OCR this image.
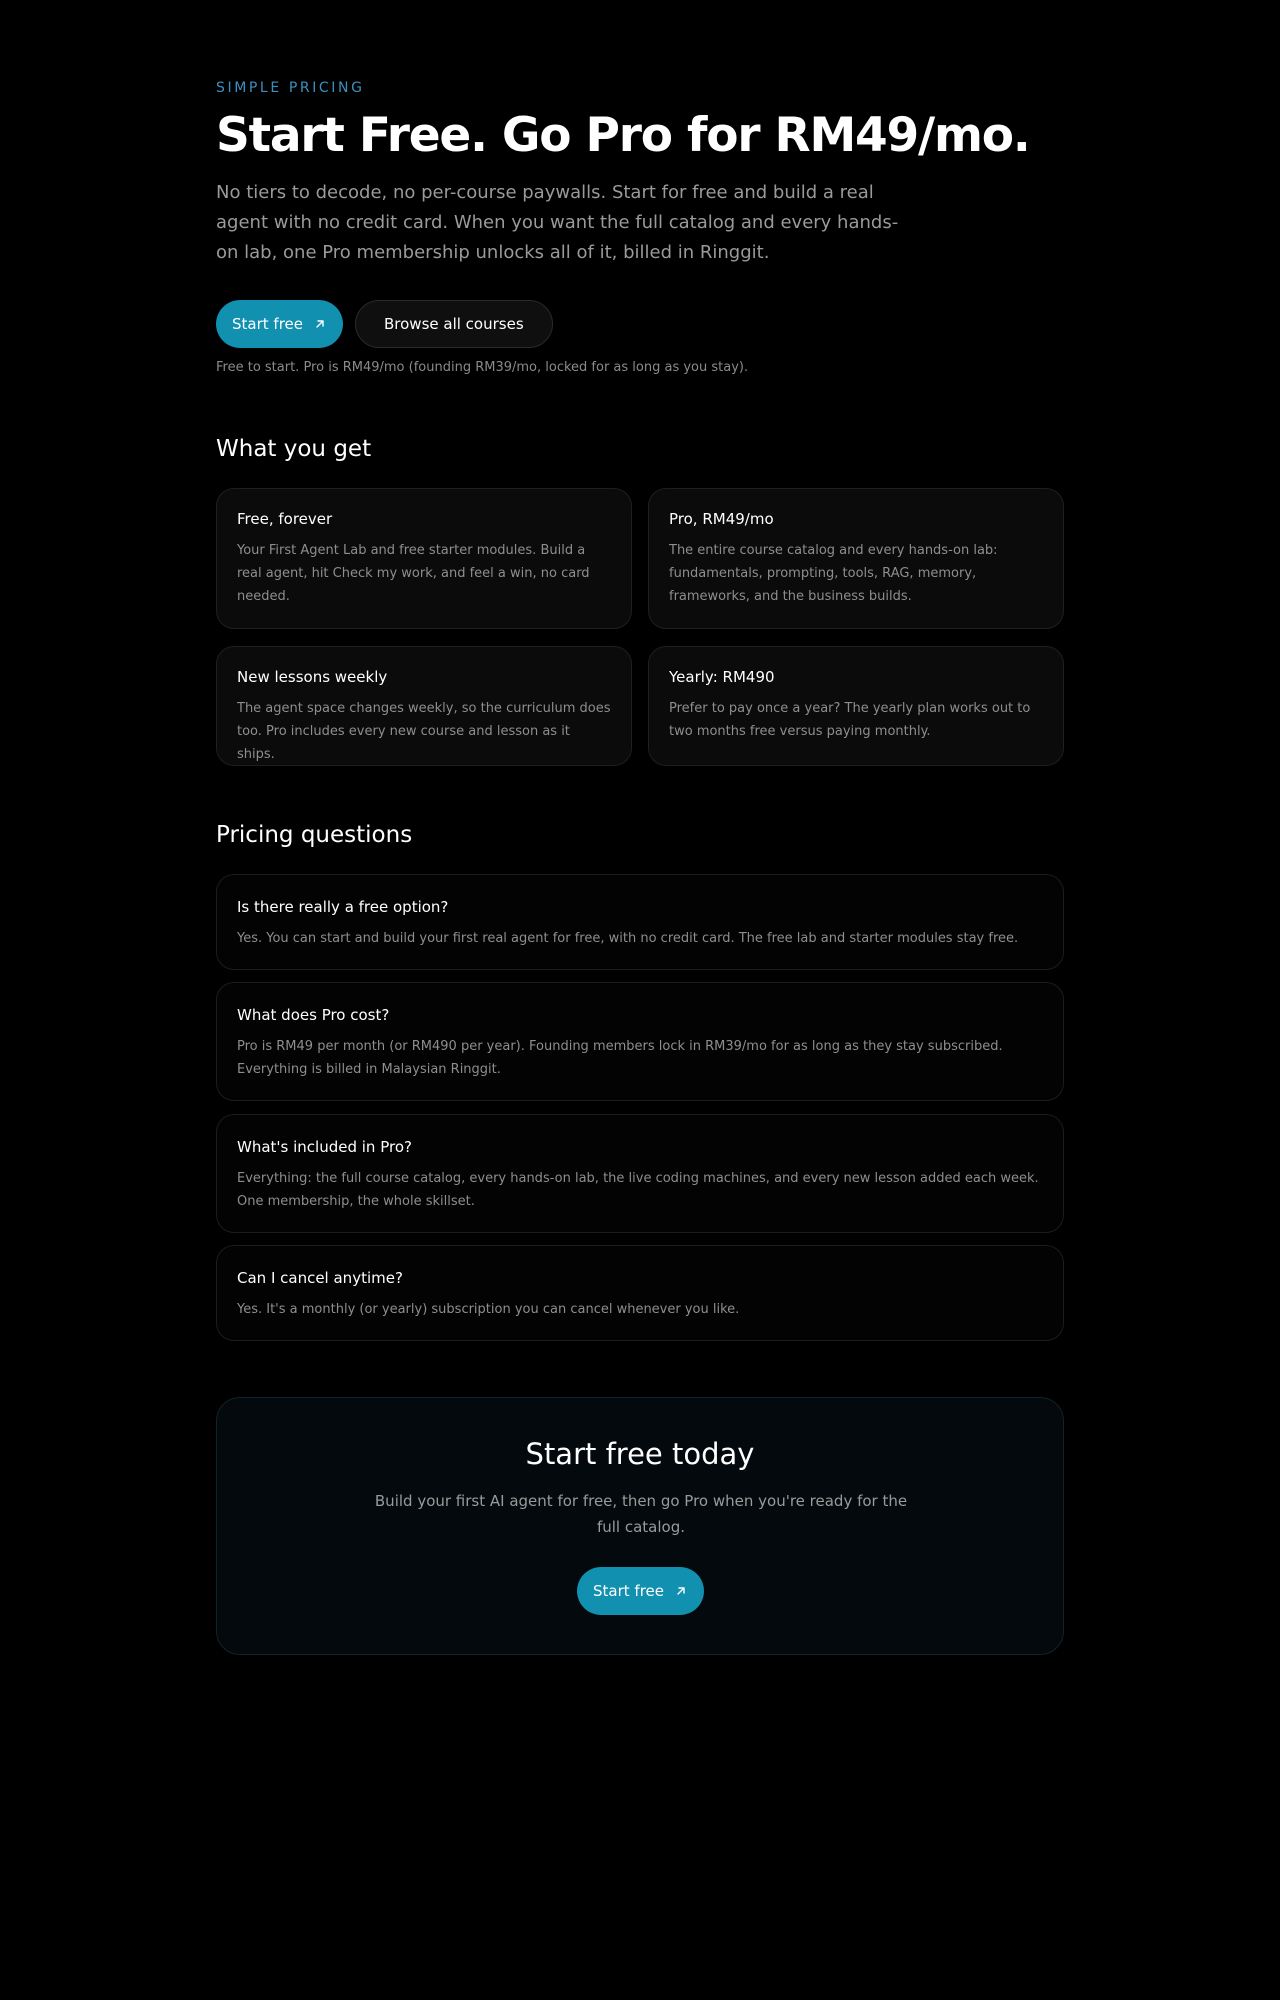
SIMPLE PRICING
Start Free. Go Pro for RM49/mo.

No tiers to decode, no per-course paywalls. Start for free and build a real agent with no credit card. When you want the full catalog and every hands-on lab, one Pro membership unlocks all of it, billed in Ringgit.

Start free	Browse all courses
Free to start. Pro is RM49/mo (founding RM39/mo, locked for as long as you stay).
What you get
Free, forever

Your First Agent Lab and free starter modules. Build a real agent, hit Check my work, and feel a win, no card needed.

Pro, RM49/mo

The entire course catalog and every hands-on lab: fundamentals, prompting, tools, RAG, memory, frameworks, and the business builds.

New lessons weekly

The agent space changes weekly, so the curriculum does too. Pro includes every new course and lesson as it ships.

Yearly: RM490

Prefer to pay once a year? The yearly plan works out to two months free versus paying monthly.

Pricing questions
Is there really a free option?

Yes. You can start and build your first real agent for free, with no credit card. The free lab and starter modules stay free.

What does Pro cost?

Pro is RM49 per month (or RM490 per year). Founding members lock in RM39/mo for as long as they stay subscribed. Everything is billed in Malaysian Ringgit.

What's included in Pro?

Everything: the full course catalog, every hands-on lab, the live coding machines, and every new lesson added each week. One membership, the whole skillset.

Can I cancel anytime?

Yes. It's a monthly (or yearly) subscription you can cancel whenever you like.

Start free today

Build your first AI agent for free, then go Pro when you're ready for the full catalog.

Start free
